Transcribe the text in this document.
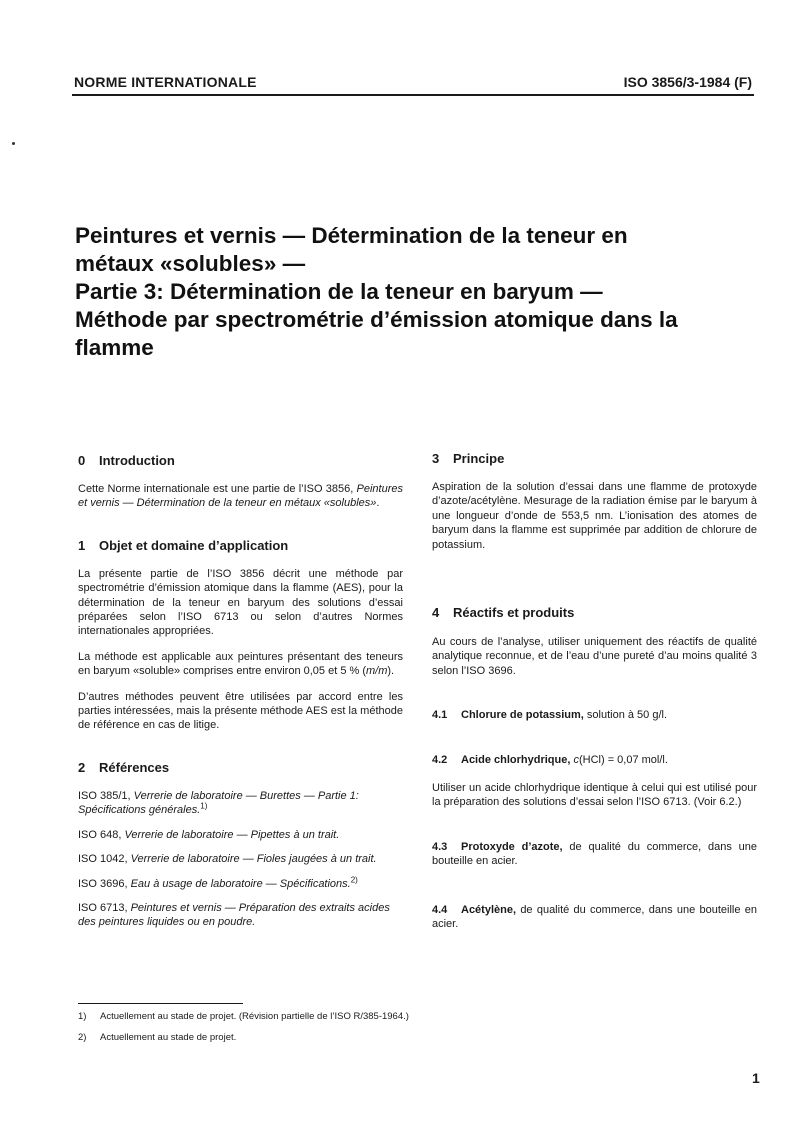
NORME INTERNATIONALE	ISO 3856/3-1984 (F)
Peintures et vernis — Détermination de la teneur en
métaux «solubles» —
Partie 3: Détermination de la teneur en baryum —
Méthode par spectrométrie d’émission atomique dans la
flamme
0 Introduction
Cette Norme internationale est une partie de l’ISO 3856, Peintures et vernis — Détermination de la teneur en métaux «solubles».
1 Objet et domaine d’application
La présente partie de l’ISO 3856 décrit une méthode par spectrométrie d’émission atomique dans la flamme (AES), pour la détermination de la teneur en baryum des solutions d’essai préparées selon l’ISO 6713 ou selon d’autres Normes internationales appropriées.
La méthode est applicable aux peintures présentant des teneurs en baryum «soluble» comprises entre environ 0,05 et 5 % (m/m).
D’autres méthodes peuvent être utilisées par accord entre les parties intéressées, mais la présente méthode AES est la méthode de référence en cas de litige.
2 Références
ISO 385/1, Verrerie de laboratoire — Burettes — Partie 1: Spécifications générales.$^{1)}$
ISO 648, Verrerie de laboratoire — Pipettes à un trait.
ISO 1042, Verrerie de laboratoire — Fioles jaugées à un trait.
ISO 3696, Eau à usage de laboratoire — Spécifications.$^{2)}$
ISO 6713, Peintures et vernis — Préparation des extraits acides des peintures liquides ou en poudre.
3 Principe
Aspiration de la solution d’essai dans une flamme de protoxyde d’azote/acétylène. Mesurage de la radiation émise par le baryum à une longueur d’onde de 553,5 nm. L’ionisation des atomes de baryum dans la flamme est supprimée par addition de chlorure de potassium.
4 Réactifs et produits
Au cours de l’analyse, utiliser uniquement des réactifs de qualité analytique reconnue, et de l’eau d’une pureté d’au moins qualité 3 selon l’ISO 3696.
4.1 Chlorure de potassium, solution à 50 g/l.
4.2 Acide chlorhydrique, c(HCl) = 0,07 mol/l.
Utiliser un acide chlorhydrique identique à celui qui est utilisé pour la préparation des solutions d’essai selon l’ISO 6713. (Voir 6.2.)
4.3 Protoxyde d’azote, de qualité du commerce, dans une bouteille en acier.
4.4 Acétylène, de qualité du commerce, dans une bouteille en acier.
1) Actuellement au stade de projet. (Révision partielle de l’ISO R/385-1964.)
2) Actuellement au stade de projet.
1
